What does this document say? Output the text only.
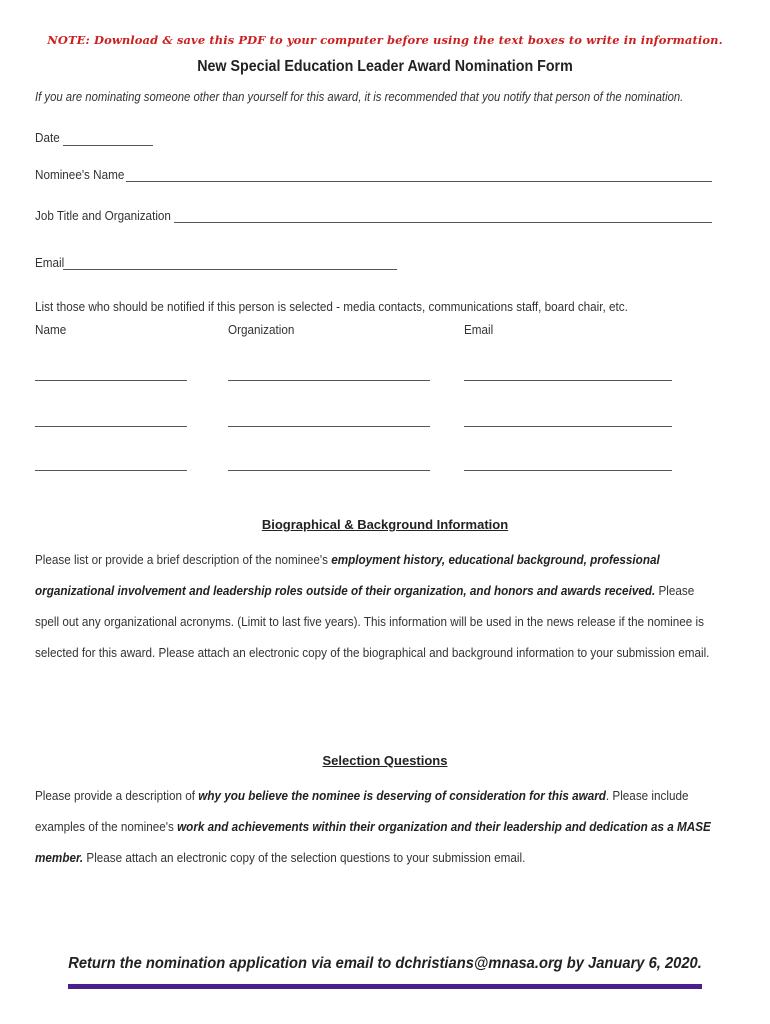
NOTE: Download & save this PDF to your computer before using the text boxes to write in information.
New Special Education Leader Award Nomination Form
If you are nominating someone other than yourself for this award, it is recommended that you notify that person of the nomination.
Date
Nominee's Name
Job Title and Organization
Email
List those who should be notified if this person is selected - media contacts, communications staff, board chair, etc.
Name	Organization	Email
Biographical & Background Information
Please list or provide a brief description of the nominee's employment history, educational background, professional organizational involvement and leadership roles outside of their organization, and honors and awards received. Please spell out any organizational acronyms. (Limit to last five years). This information will be used in the news release if the nominee is selected for this award. Please attach an electronic copy of the biographical and background information to your submission email.
Selection Questions
Please provide a description of why you believe the nominee is deserving of consideration for this award. Please include examples of the nominee's work and achievements within their organization and their leadership and dedication as a MASE member. Please attach an electronic copy of the selection questions to your submission email.
Return the nomination application via email to dchristians@mnasa.org by January 6, 2020.
